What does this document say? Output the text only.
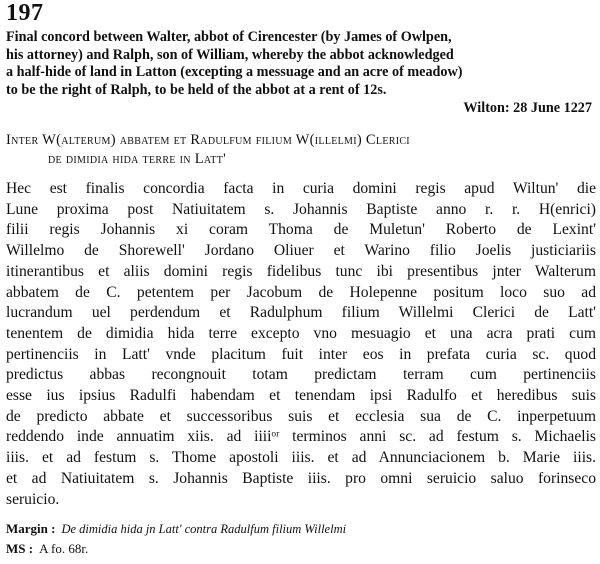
197
Final concord between Walter, abbot of Cirencester (by James of Owlpen,
his attorney) and Ralph, son of William, whereby the abbot acknowledged
a half-hide of land in Latton (excepting a messuage and an acre of meadow)
to be the right of Ralph, to be held of the abbot at a rent of 12s.
Wilton: 28 June 1227
Inter W(alterum) abbatem et Radulfum filium W(illelmi) Clerici
de dimidia hida terre in Latt'
Hec est finalis concordia facta in curia domini regis apud Wiltun' die
Lune proxima post Natiuitatem s. Johannis Baptiste anno r. r. H(enrici)
filii regis Johannis xi coram Thoma de Muletun' Roberto de Lexint'
Willelmo de Shorewell' Jordano Oliuer et Warino filio Joelis justiciariis
itinerantibus et aliis domini regis fidelibus tunc ibi presentibus jnter Walterum
abbatem de C. petentem per Jacobum de Holepenne positum loco suo ad
lucrandum uel perdendum et Radulphum filium Willelmi Clerici de Latt'
tenentem de dimidia hida terre excepto vno mesuagio et una acra prati cum
pertinenciis in Latt' vnde placitum fuit inter eos in prefata curia sc. quod
predictus abbas recongnouit totam predictam terram cum pertinenciis
esse ius ipsius Radulfi habendam et tenendam ipsi Radulfo et heredibus suis
de predicto abbate et successoribus suis et ecclesia sua de C. inperpetuum
reddendo inde annuatim xiis. ad iiiiᵒʳ terminos anni sc. ad festum s. Michaelis
iiis. et ad festum s. Thome apostoli iiis. et ad Annunciacionem b. Marie iiis.
et ad Natiuitatem s. Johannis Baptiste iiis. pro omni seruicio saluo forinseco
seruicio.
Margin : De dimidia hida jn Latt' contra Radulfum filium Willelmi
MS : A fo. 68r.
